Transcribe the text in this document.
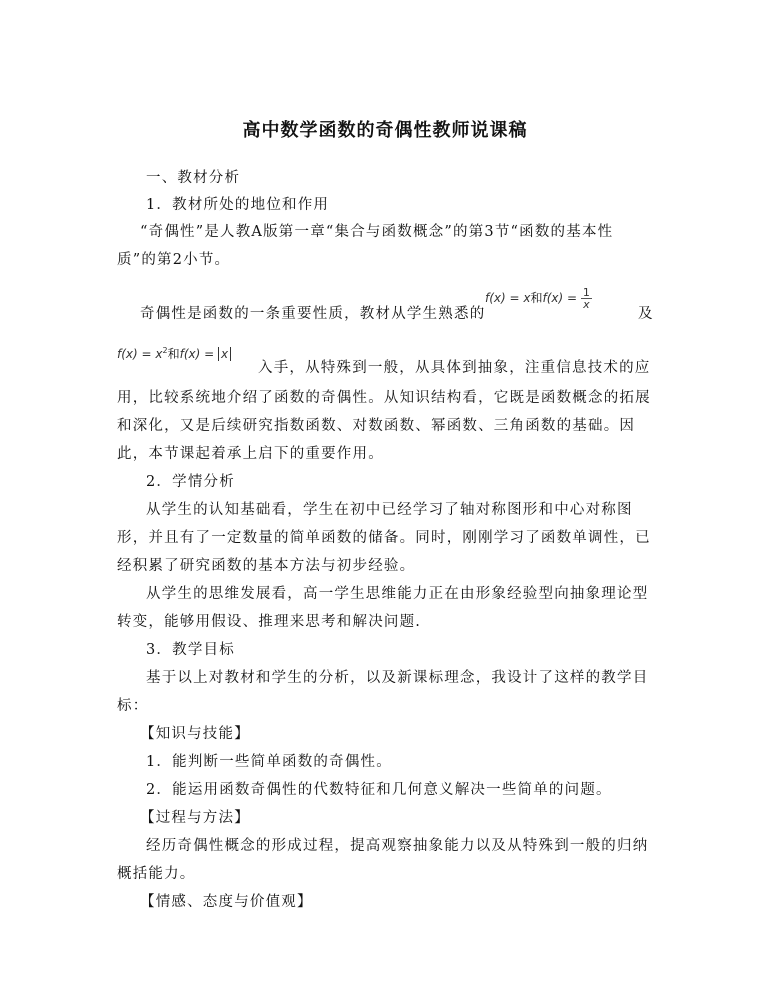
高中数学函数的奇偶性教师说课稿
一、教材分析
1．教材所处的地位和作用
“奇偶性”是人教A版第一章“集合与函数概念”的第3节“函数的基本性
质”的第2小节。
f(x) = x和$f(x) = \frac{1}{x}$
奇偶性是函数的一条重要性质，教材从学生熟悉的	及
$f(x) = x^2$和f(x) = x
入手，从特殊到一般，从具体到抽象，注重信息技术的应
用，比较系统地介绍了函数的奇偶性。从知识结构看，它既是函数概念的拓展
和深化，又是后续研究指数函数、对数函数、幂函数、三角函数的基础。因
此，本节课起着承上启下的重要作用。
2．学情分析
从学生的认知基础看，学生在初中已经学习了轴对称图形和中心对称图
形，并且有了一定数量的简单函数的储备。同时，刚刚学习了函数单调性，已
经积累了研究函数的基本方法与初步经验。
从学生的思维发展看，高一学生思维能力正在由形象经验型向抽象理论型
转变，能够用假设、推理来思考和解决问题.
3．教学目标
基于以上对教材和学生的分析，以及新课标理念，我设计了这样的教学目
标：
【知识与技能】
1．能判断一些简单函数的奇偶性。
2．能运用函数奇偶性的代数特征和几何意义解决一些简单的问题。
【过程与方法】
经历奇偶性概念的形成过程，提高观察抽象能力以及从特殊到一般的归纳
概括能力。
【情感、态度与价值观】
